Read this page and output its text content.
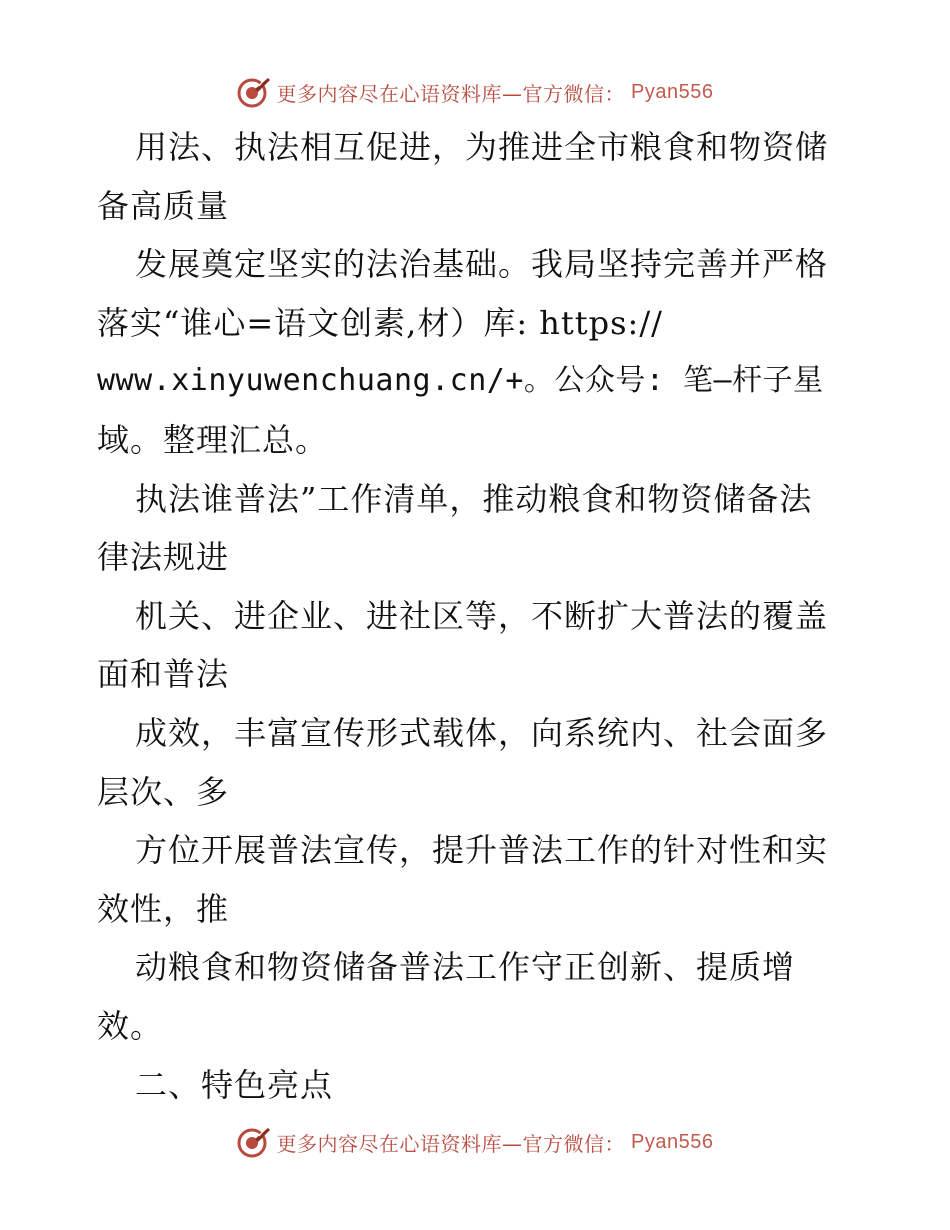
更多内容尽在心语资料库—官方微信： Pyan556
用法、执法相互促进，为推进全市粮食和物资储
备高质量
发展奠定坚实的法治基础。我局坚持完善并严格
落实“谁心=语文创素,材）库: https://
www.xinyuwenchuang.cn/+。公众号: 笔—杆子星
域。整理汇总。
执法谁普法”工作清单，推动粮食和物资储备法
律法规进
机关、进企业、进社区等，不断扩大普法的覆盖
面和普法
成效，丰富宣传形式载体，向系统内、社会面多
层次、多
方位开展普法宣传，提升普法工作的针对性和实
效性，推
动粮食和物资储备普法工作守正创新、提质增
效。
二、特色亮点
更多内容尽在心语资料库—官方微信： Pyan556
